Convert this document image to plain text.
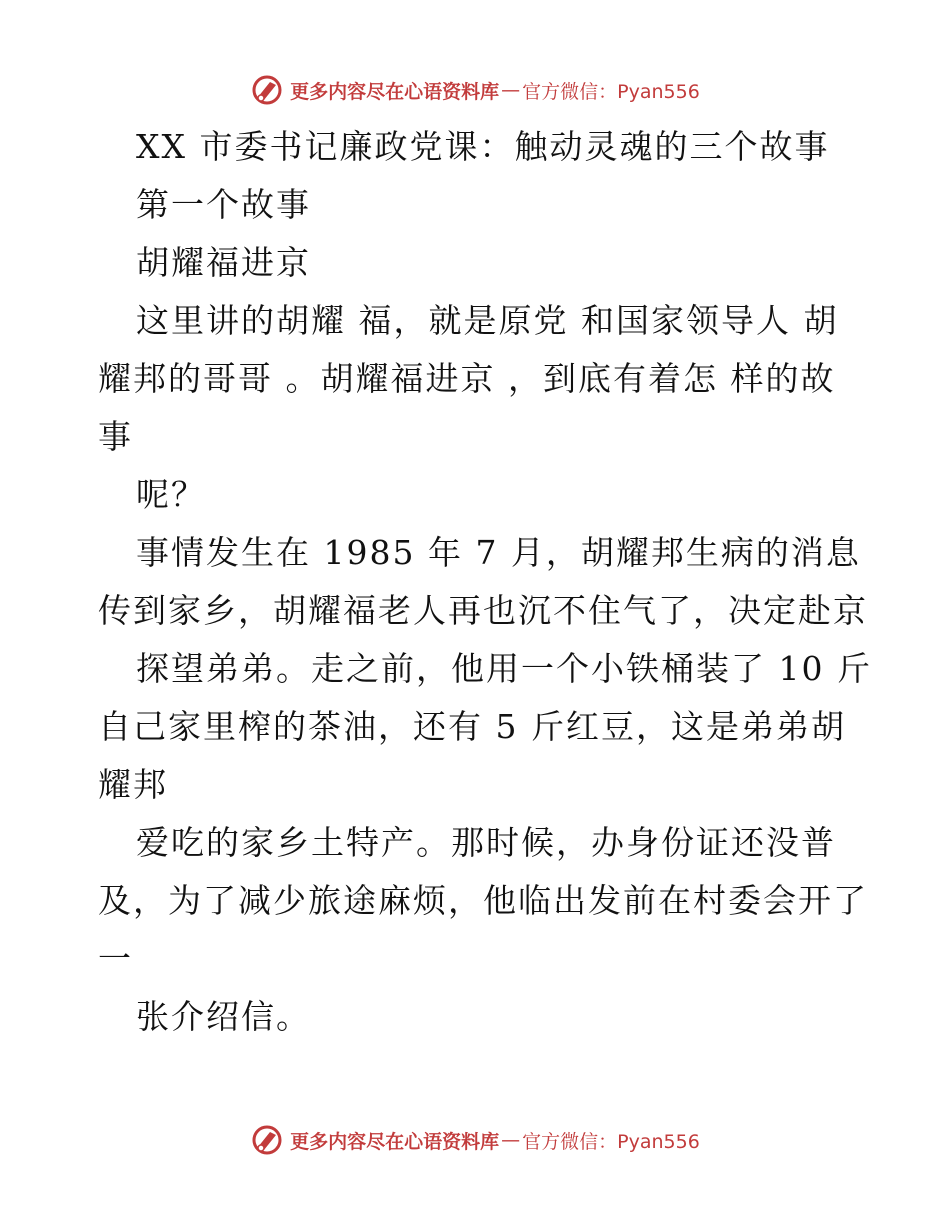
更多内容尽在心语资料库 — 官方微信：Pyan556
XX 市委书记廉政党课：触动灵魂的三个故事
第一个故事
胡耀福进京
这里讲的胡耀 福，就是原党 和国家领导人 胡
耀邦的哥哥 。胡耀福进京 ，到底有着怎 样的故
事
呢？
事情发生在 1985 年 7 月，胡耀邦生病的消息
传到家乡，胡耀福老人再也沉不住气了，决定赴京
探望弟弟。走之前，他用一个小铁桶装了 10 斤
自己家里榨的茶油，还有 5 斤红豆，这是弟弟胡
耀邦
爱吃的家乡土特产。那时候，办身份证还没普
及，为了减少旅途麻烦，他临出发前在村委会开了
一
张介绍信。
更多内容尽在心语资料库 — 官方微信：Pyan556
